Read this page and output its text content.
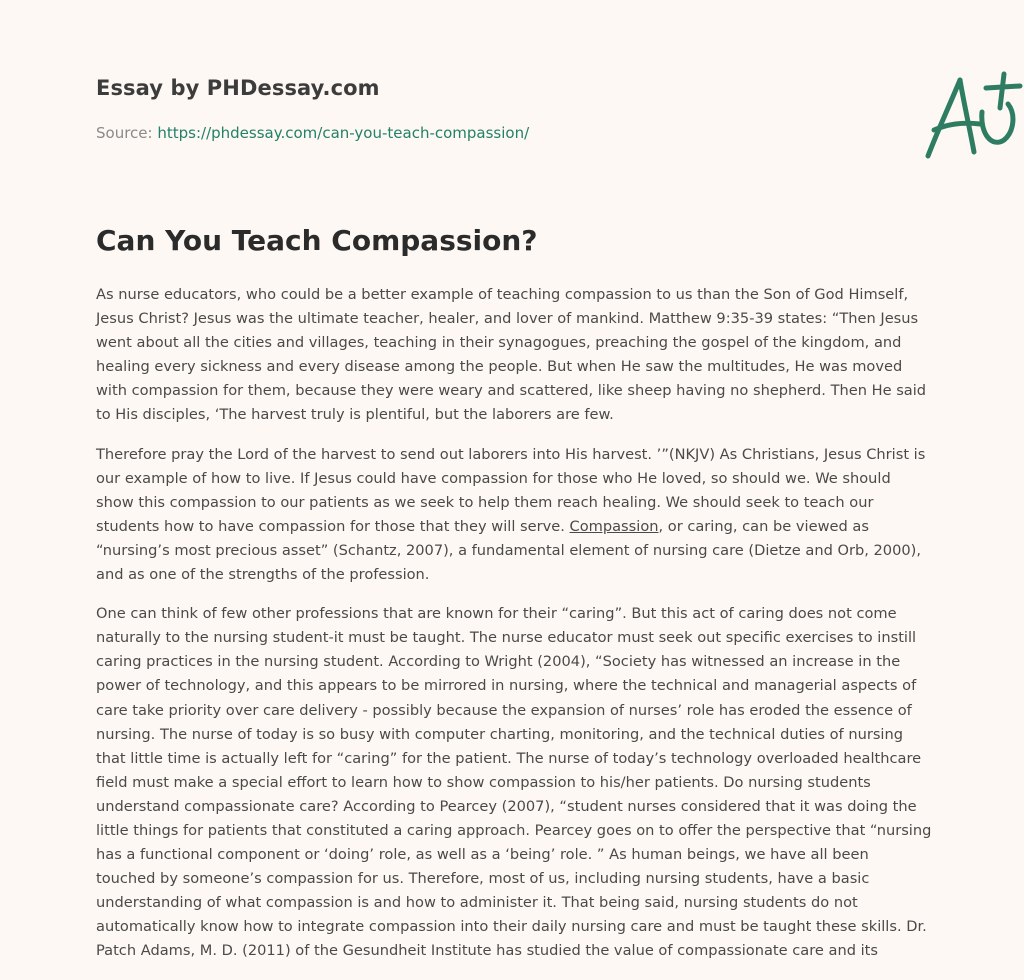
Essay by PHDessay.com
Source: https://phdessay.com/can-you-teach-compassion/
Can You Teach Compassion?

As nurse educators, who could be a better example of teaching compassion to us than the Son of God Himself, Jesus Christ? Jesus was the ultimate teacher, healer, and lover of mankind. Matthew 9:35-39 states: “Then Jesus went about all the cities and villages, teaching in their synagogues, preaching the gospel of the kingdom, and healing every sickness and every disease among the people. But when He saw the multitudes, He was moved with compassion for them, because they were weary and scattered, like sheep having no shepherd. Then He said to His disciples, ‘The harvest truly is plentiful, but the laborers are few.

Therefore pray the Lord of the harvest to send out laborers into His harvest. ’”(NKJV) As Christians, Jesus Christ is our example of how to live. If Jesus could have compassion for those who He loved, so should we. We should show this compassion to our patients as we seek to help them reach healing. We should seek to teach our students how to have compassion for those that they will serve. Compassion, or caring, can be viewed as “nursing’s most precious asset” (Schantz, 2007), a fundamental element of nursing care (Dietze and Orb, 2000), and as one of the strengths of the profession.

One can think of few other professions that are known for their “caring”. But this act of caring does not come naturally to the nursing student-it must be taught. The nurse educator must seek out specific exercises to instill caring practices in the nursing student. According to Wright (2004), “Society has witnessed an increase in the power of technology, and this appears to be mirrored in nursing, where the technical and managerial aspects of care take priority over care delivery - possibly because the expansion of nurses’ role has eroded the essence of nursing. The nurse of today is so busy with computer charting, monitoring, and the technical duties of nursing that little time is actually left for “caring” for the patient. The nurse of today’s technology overloaded healthcare field must make a special effort to learn how to show compassion to his/her patients. Do nursing students understand compassionate care? According to Pearcey (2007), “student nurses considered that it was doing the little things for patients that constituted a caring approach. Pearcey goes on to offer the perspective that “nursing has a functional component or ‘doing’ role, as well as a ‘being’ role. ” As human beings, we have all been touched by someone’s compassion for us. Therefore, most of us, including nursing students, have a basic understanding of what compassion is and how to administer it. That being said, nursing students do not automatically know how to integrate compassion into their daily nursing care and must be taught these skills. Dr. Patch Adams, M. D. (2011) of the Gesundheit Institute has studied the value of compassionate care and its
